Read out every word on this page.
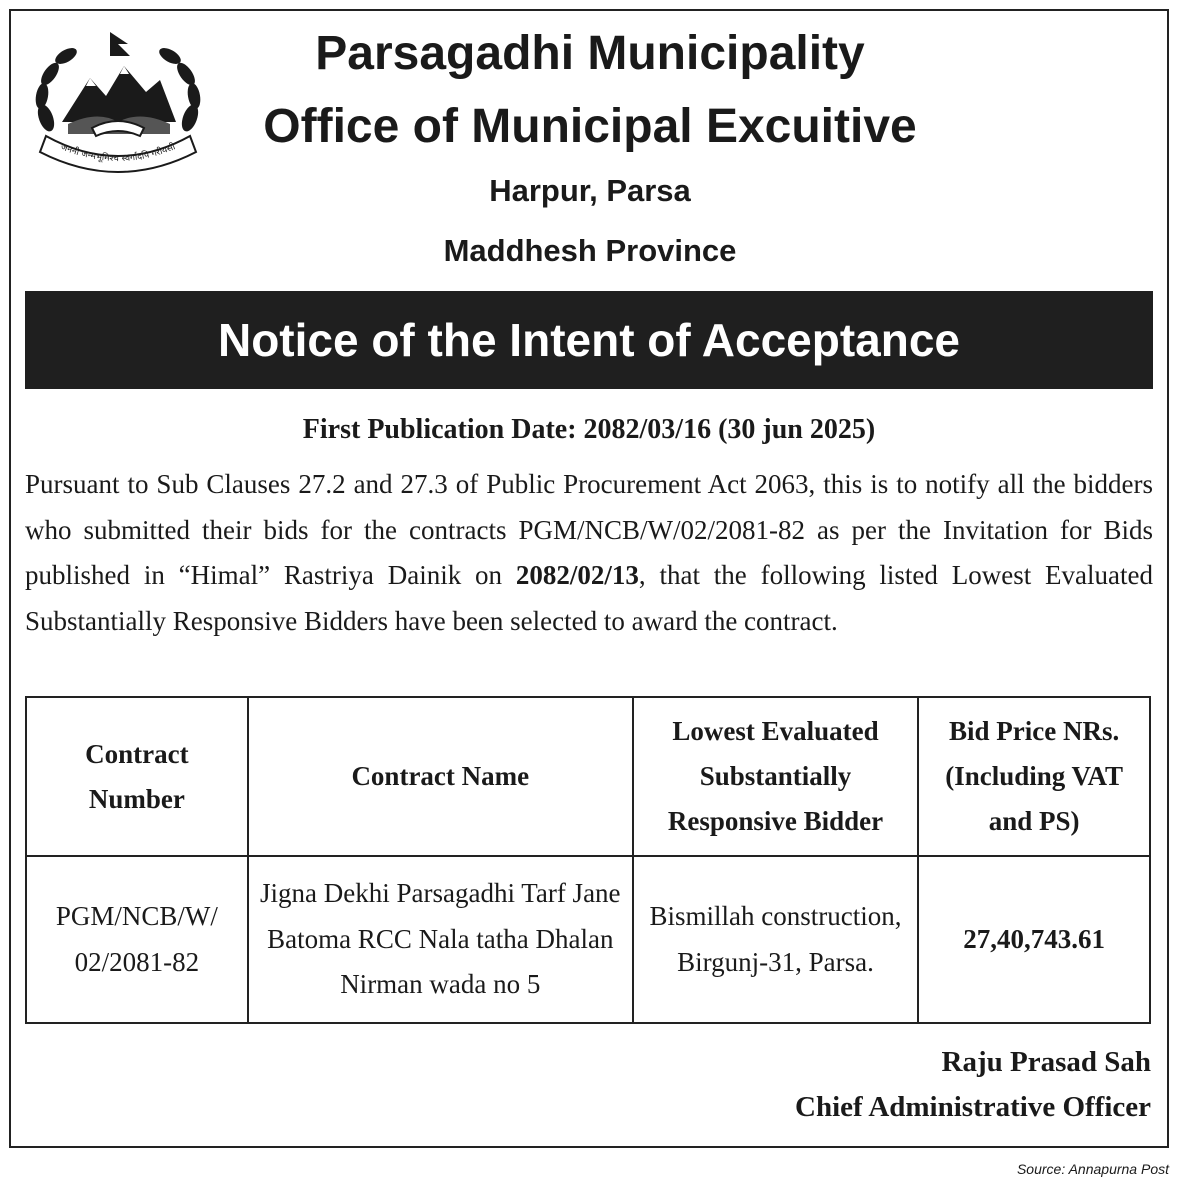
जननी जन्मभूमिश्च स्वर्गादपि गरीयसी
Parsagadhi Municipality
Office of Municipal Excuitive
Harpur, Parsa
Maddhesh Province
Notice of the Intent of Acceptance
First Publication Date: 2082/03/16 (30 jun 2025)

Pursuant to Sub Clauses 27.2 and 27.3 of Public Procurement Act 2063, this is to notify all the bidders who submitted their bids for the contracts PGM/NCB/W/02/2081-82 as per the Invitation for Bids published in “Himal” Rastriya Dainik on 2082/02/13, that the following listed Lowest Evaluated Substantially Responsive Bidders have been selected to award the contract.

Contract Number	Contract Name	Lowest Evaluated Substantially Responsive Bidder	Bid Price NRs. (Including VAT and PS)
PGM/NCB/W/ 02/2081-82	Jigna Dekhi Parsagadhi Tarf Jane Batoma RCC Nala tatha Dhalan Nirman wada no 5	Bismillah construction, Birgunj-31, Parsa.	27,40,743.61
Raju Prasad Sah
Chief Administrative Officer
Source: Annapurna Post
